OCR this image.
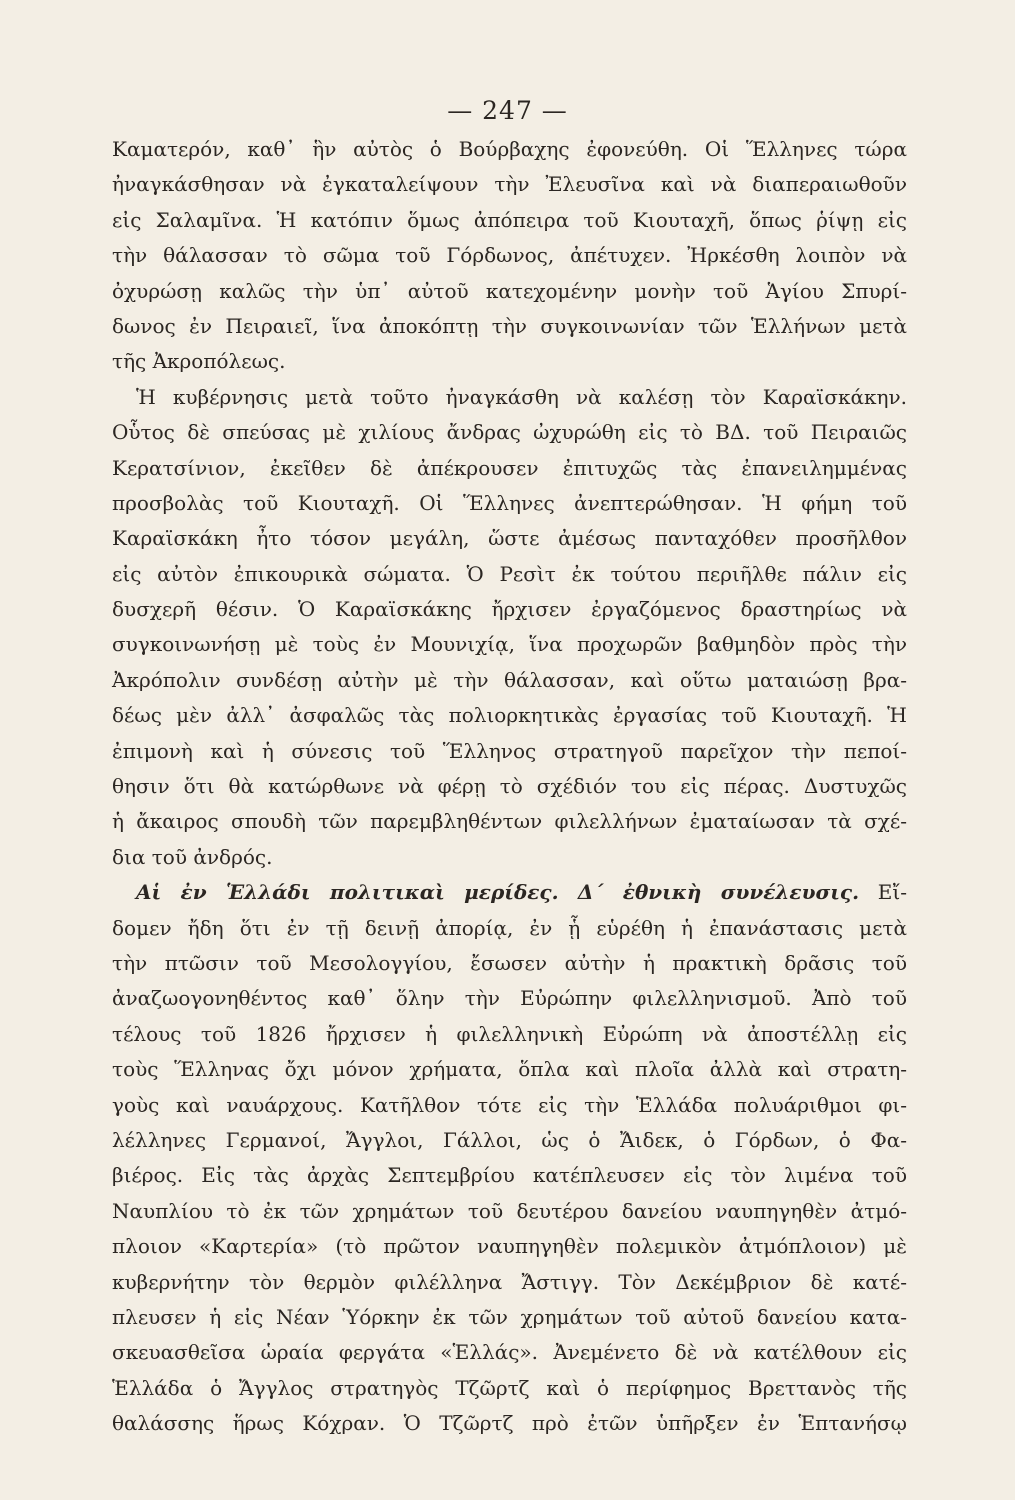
— 247 —
Καματερόν, καθ᾽ ἣν αὐτὸς ὁ Βούρβαχης ἐφονεύθη. Οἱ Ἕλληνες τώρα
ἠναγκάσθησαν νὰ ἐγκαταλείψουν τὴν Ἐλευσῖνα καὶ νὰ διαπεραιωθοῦν
εἰς Σαλαμῖνα. Ἡ κατόπιν ὅμως ἀπόπειρα τοῦ Κιουταχῆ, ὅπως ῥίψῃ εἰς
τὴν θάλασσαν τὸ σῶμα τοῦ Γόρδωνος, ἀπέτυχεν. Ἠρκέσθη λοιπὸν νὰ
ὀχυρώσῃ καλῶς τὴν ὑπ᾽ αὐτοῦ κατεχομένην μονὴν τοῦ Ἁγίου Σπυρί-
δωνος ἐν Πειραιεῖ, ἵνα ἀποκόπτῃ τὴν συγκοινωνίαν τῶν Ἑλλήνων μετὰ
τῆς Ἀκροπόλεως.
Ἡ κυβέρνησις μετὰ τοῦτο ἠναγκάσθη νὰ καλέσῃ τὸν Καραϊσκάκην.
Οὗτος δὲ σπεύσας μὲ χιλίους ἄνδρας ὠχυρώθη εἰς τὸ ΒΔ. τοῦ Πειραιῶς
Κερατσίνιον, ἐκεῖθεν δὲ ἀπέκρουσεν ἐπιτυχῶς τὰς ἐπανειλημμένας
προσβολὰς τοῦ Κιουταχῆ. Οἱ Ἕλληνες ἀνεπτερώθησαν. Ἡ φήμη τοῦ
Καραϊσκάκη ἦτο τόσον μεγάλη, ὥστε ἀμέσως πανταχόθεν προσῆλθον
εἰς αὐτὸν ἐπικουρικὰ σώματα. Ὁ Ρεσὶτ ἐκ τούτου περιῆλθε πάλιν εἰς
δυσχερῆ θέσιν. Ὁ Καραϊσκάκης ἤρχισεν ἐργαζόμενος δραστηρίως νὰ
συγκοινωνήσῃ μὲ τοὺς ἐν Μουνιχίᾳ, ἵνα προχωρῶν βαθμηδὸν πρὸς τὴν
Ἀκρόπολιν συνδέσῃ αὐτὴν μὲ τὴν θάλασσαν, καὶ οὕτω ματαιώσῃ βρα-
δέως μὲν ἀλλ᾽ ἀσφαλῶς τὰς πολιορκητικὰς ἐργασίας τοῦ Κιουταχῆ. Ἡ
ἐπιμονὴ καὶ ἡ σύνεσις τοῦ Ἕλληνος στρατηγοῦ παρεῖχον τὴν πεποί-
θησιν ὅτι θὰ κατώρθωνε νὰ φέρῃ τὸ σχέδιόν του εἰς πέρας. Δυστυχῶς
ἡ ἄκαιρος σπουδὴ τῶν παρεμβληθέντων φιλελλήνων ἐματαίωσαν τὰ σχέ-
δια τοῦ ἀνδρός.
Αἱ ἐν Ἑλλάδι πολιτικαὶ μερίδες. Δ΄ ἐθνικὴ συνέλευσις. Εἴ-
δομεν ἤδη ὅτι ἐν τῇ δεινῇ ἀπορίᾳ, ἐν ᾗ εὑρέθη ἡ ἐπανάστασις μετὰ
τὴν πτῶσιν τοῦ Μεσολογγίου, ἔσωσεν αὐτὴν ἡ πρακτικὴ δρᾶσις τοῦ
ἀναζωογονηθέντος καθ᾽ ὅλην τὴν Εὐρώπην φιλελληνισμοῦ. Ἀπὸ τοῦ
τέλους τοῦ 1826 ἤρχισεν ἡ φιλελληνικὴ Εὐρώπη νὰ ἀποστέλλῃ εἰς
τοὺς Ἕλληνας ὄχι μόνον χρήματα, ὅπλα καὶ πλοῖα ἀλλὰ καὶ στρατη-
γοὺς καὶ ναυάρχους. Κατῆλθον τότε εἰς τὴν Ἑλλάδα πολυάριθμοι φι-
λέλληνες Γερμανοί, Ἄγγλοι, Γάλλοι, ὡς ὁ Ἄιδεκ, ὁ Γόρδων, ὁ Φα-
βιέρος. Εἰς τὰς ἀρχὰς Σεπτεμβρίου κατέπλευσεν εἰς τὸν λιμένα τοῦ
Ναυπλίου τὸ ἐκ τῶν χρημάτων τοῦ δευτέρου δανείου ναυπηγηθὲν ἀτμό-
πλοιον «Καρτερία» (τὸ πρῶτον ναυπηγηθὲν πολεμικὸν ἀτμόπλοιον) μὲ
κυβερνήτην τὸν θερμὸν φιλέλληνα Ἄστιγγ. Τὸν Δεκέμβριον δὲ κατέ-
πλευσεν ἡ εἰς Νέαν Ὑόρκην ἐκ τῶν χρημάτων τοῦ αὐτοῦ δανείου κατα-
σκευασθεῖσα ὡραία φεργάτα «Ἑλλάς». Ἀνεμένετο δὲ νὰ κατέλθουν εἰς
Ἑλλάδα ὁ Ἄγγλος στρατηγὸς Τζῶρτζ καὶ ὁ περίφημος Βρεττανὸς τῆς
θαλάσσης ἥρως Κόχραν. Ὁ Τζῶρτζ πρὸ ἐτῶν ὑπῆρξεν ἐν Ἑπτανήσῳ
